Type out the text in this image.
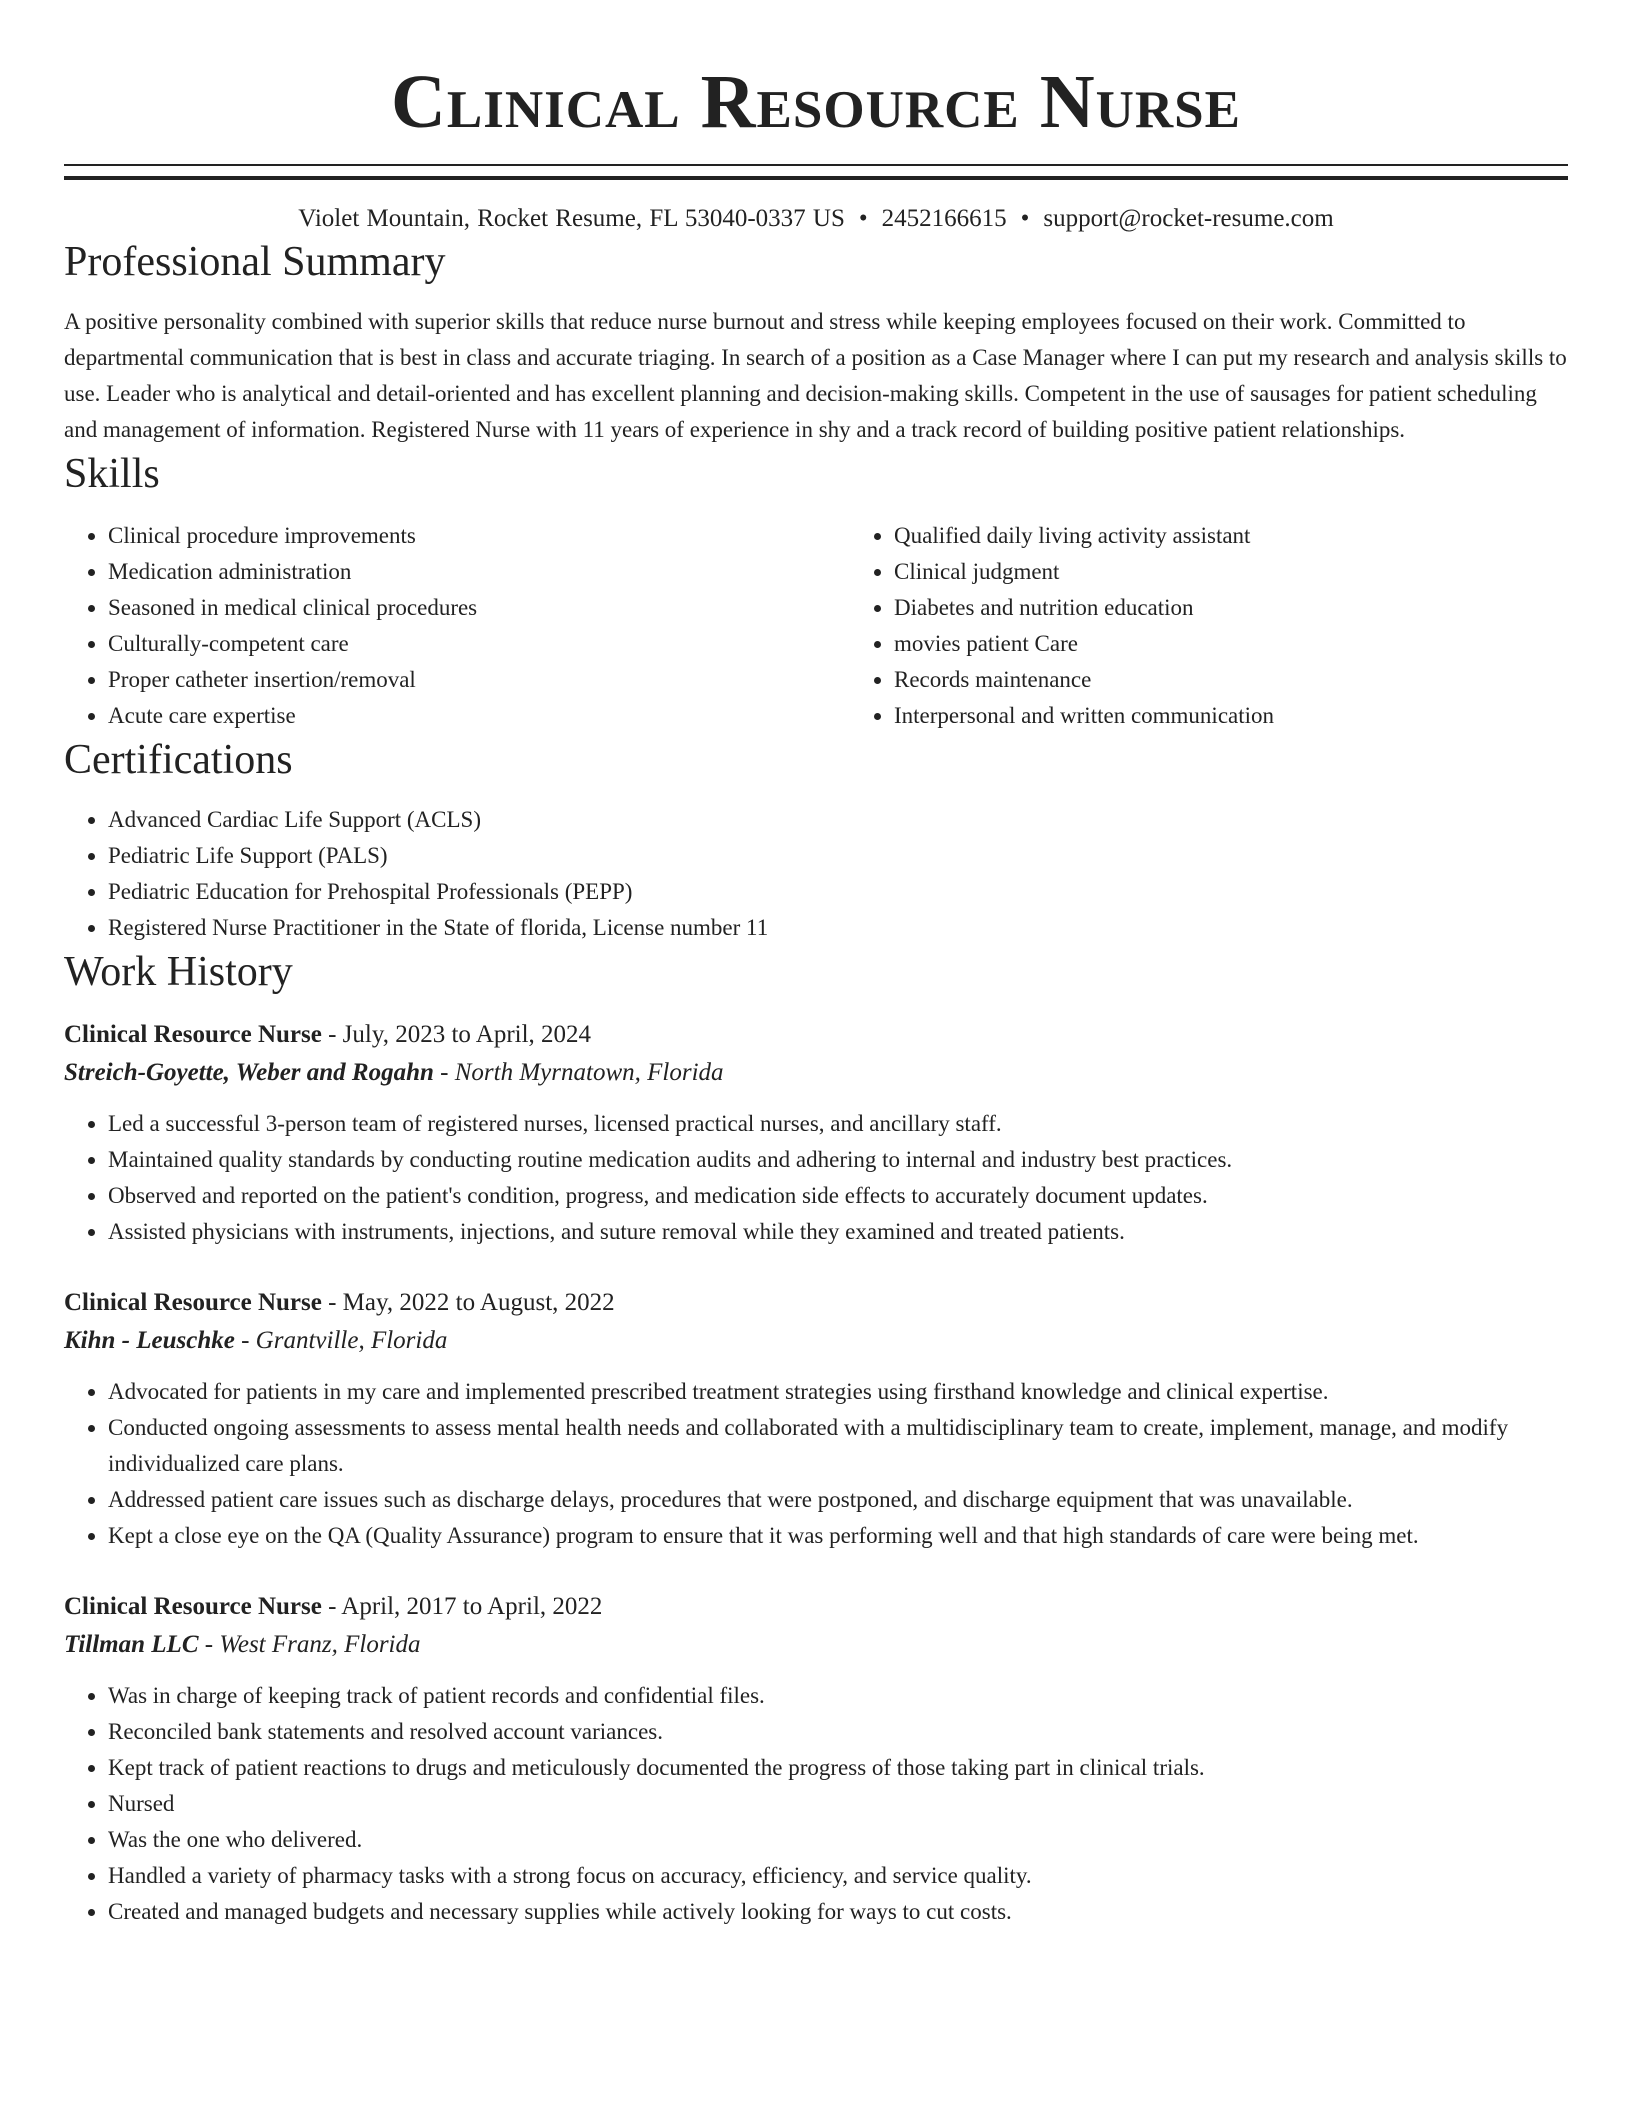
Clinical Resource Nurse
Violet Mountain, Rocket Resume, FL 53040-0337 US • 2452166615 • support@rocket-resume.com
Professional Summary

A positive personality combined with superior skills that reduce nurse burnout and stress while keeping employees focused on their work. Committed to departmental communication that is best in class and accurate triaging. In search of a position as a Case Manager where I can put my research and analysis skills to use. Leader who is analytical and detail-oriented and has excellent planning and decision-making skills. Competent in the use of sausages for patient scheduling and management of information. Registered Nurse with 11 years of experience in shy and a track record of building positive patient relationships.

Skills
• Clinical procedure improvements
• Medication administration
• Seasoned in medical clinical procedures
• Culturally-competent care
• Proper catheter insertion/removal
• Acute care expertise
• Qualified daily living activity assistant
• Clinical judgment
• Diabetes and nutrition education
• movies patient Care
• Records maintenance
• Interpersonal and written communication
Certifications
• Advanced Cardiac Life Support (ACLS)
• Pediatric Life Support (PALS)
• Pediatric Education for Prehospital Professionals (PEPP)
• Registered Nurse Practitioner in the State of florida, License number 11
Work History
Clinical Resource Nurse - July, 2023 to April, 2024
Streich-Goyette, Weber and Rogahn - North Myrnatown, Florida
• Led a successful 3-person team of registered nurses, licensed practical nurses, and ancillary staff.
• Maintained quality standards by conducting routine medication audits and adhering to internal and industry best practices.
• Observed and reported on the patient's condition, progress, and medication side effects to accurately document updates.
• Assisted physicians with instruments, injections, and suture removal while they examined and treated patients.
Clinical Resource Nurse - May, 2022 to August, 2022
Kihn - Leuschke - Grantville, Florida
• Advocated for patients in my care and implemented prescribed treatment strategies using firsthand knowledge and clinical expertise.
• Conducted ongoing assessments to assess mental health needs and collaborated with a multidisciplinary team to create, implement, manage, and modify individualized care plans.
• Addressed patient care issues such as discharge delays, procedures that were postponed, and discharge equipment that was unavailable.
• Kept a close eye on the QA (Quality Assurance) program to ensure that it was performing well and that high standards of care were being met.
Clinical Resource Nurse - April, 2017 to April, 2022
Tillman LLC - West Franz, Florida
• Was in charge of keeping track of patient records and confidential files.
• Reconciled bank statements and resolved account variances.
• Kept track of patient reactions to drugs and meticulously documented the progress of those taking part in clinical trials.
• Nursed
• Was the one who delivered.
• Handled a variety of pharmacy tasks with a strong focus on accuracy, efficiency, and service quality.
• Created and managed budgets and necessary supplies while actively looking for ways to cut costs.
